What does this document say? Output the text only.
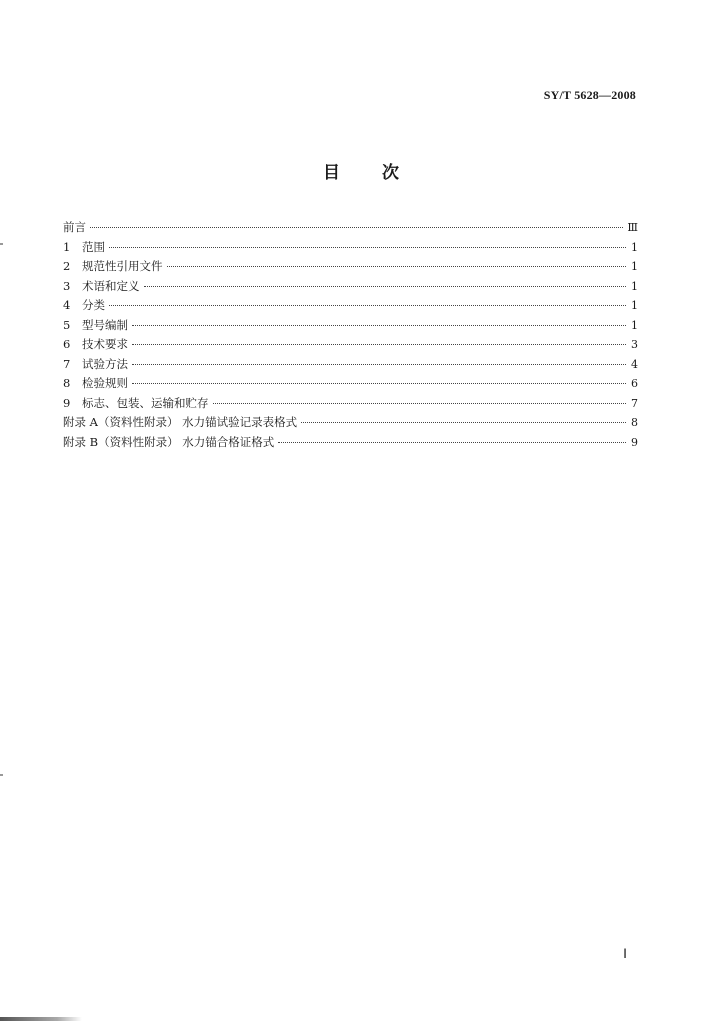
SY/T 5628—2008
目 次
前言	Ⅲ
1	范围	1
2	规范性引用文件	1
3	术语和定义	1
4	分类	1
5	型号编制	1
6	技术要求	3
7	试验方法	4
8	检验规则	6
9	标志、包装、运输和贮存	7
附录 A（资料性附录） 水力锚试验记录表格式	8
附录 B（资料性附录） 水力锚合格证格式	9
Ⅰ
